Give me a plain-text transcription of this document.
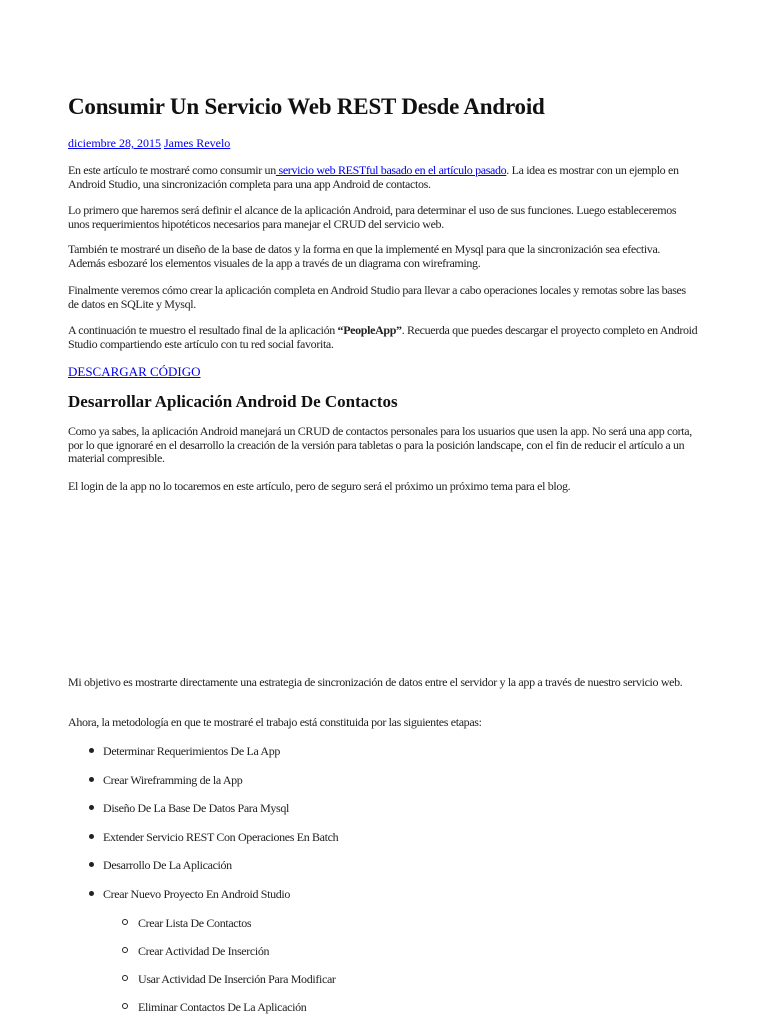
Consumir Un Servicio Web REST Desde Android
diciembre 28, 2015 James Revelo

En este artículo te mostraré como consumir un servicio web RESTful basado en el artículo pasado. La idea es mostrar con un ejemplo en Android Studio, una sincronización completa para una app Android de contactos.

Lo primero que haremos será definir el alcance de la aplicación Android, para determinar el uso de sus funciones. Luego estableceremos unos requerimientos hipotéticos necesarios para manejar el CRUD del servicio web.

También te mostraré un diseño de la base de datos y la forma en que la implementé en Mysql para que la sincronización sea efectiva. Además esbozaré los elementos visuales de la app a través de un diagrama con wireframing.

Finalmente veremos cómo crear la aplicación completa en Android Studio para llevar a cabo operaciones locales y remotas sobre las bases de datos en SQLite y Mysql.

A continuación te muestro el resultado final de la aplicación “PeopleApp”. Recuerda que puedes descargar el proyecto completo en Android Studio compartiendo este artículo con tu red social favorita.

DESCARGAR CÓDIGO
Desarrollar Aplicación Android De Contactos

Como ya sabes, la aplicación Android manejará un CRUD de contactos personales para los usuarios que usen la app. No será una app corta, por lo que ignoraré en el desarrollo la creación de la versión para tabletas o para la posición landscape, con el fin de reducir el artículo a un material compresible.

El login de la app no lo tocaremos en este artículo, pero de seguro será el próximo un próximo tema para el blog.

Mi objetivo es mostrarte directamente una estrategia de sincronización de datos entre el servidor y la app a través de nuestro servicio web.

Ahora, la metodología en que te mostraré el trabajo está constituida por las siguientes etapas:

Determinar Requerimientos De La App
Crear Wireframming de la App
Diseño De La Base De Datos Para Mysql
Extender Servicio REST Con Operaciones En Batch
Desarrollo De La Aplicación
Crear Nuevo Proyecto En Android Studio
Crear Lista De Contactos
Crear Actividad De Inserción
Usar Actividad De Inserción Para Modificar
Eliminar Contactos De La Aplicación
